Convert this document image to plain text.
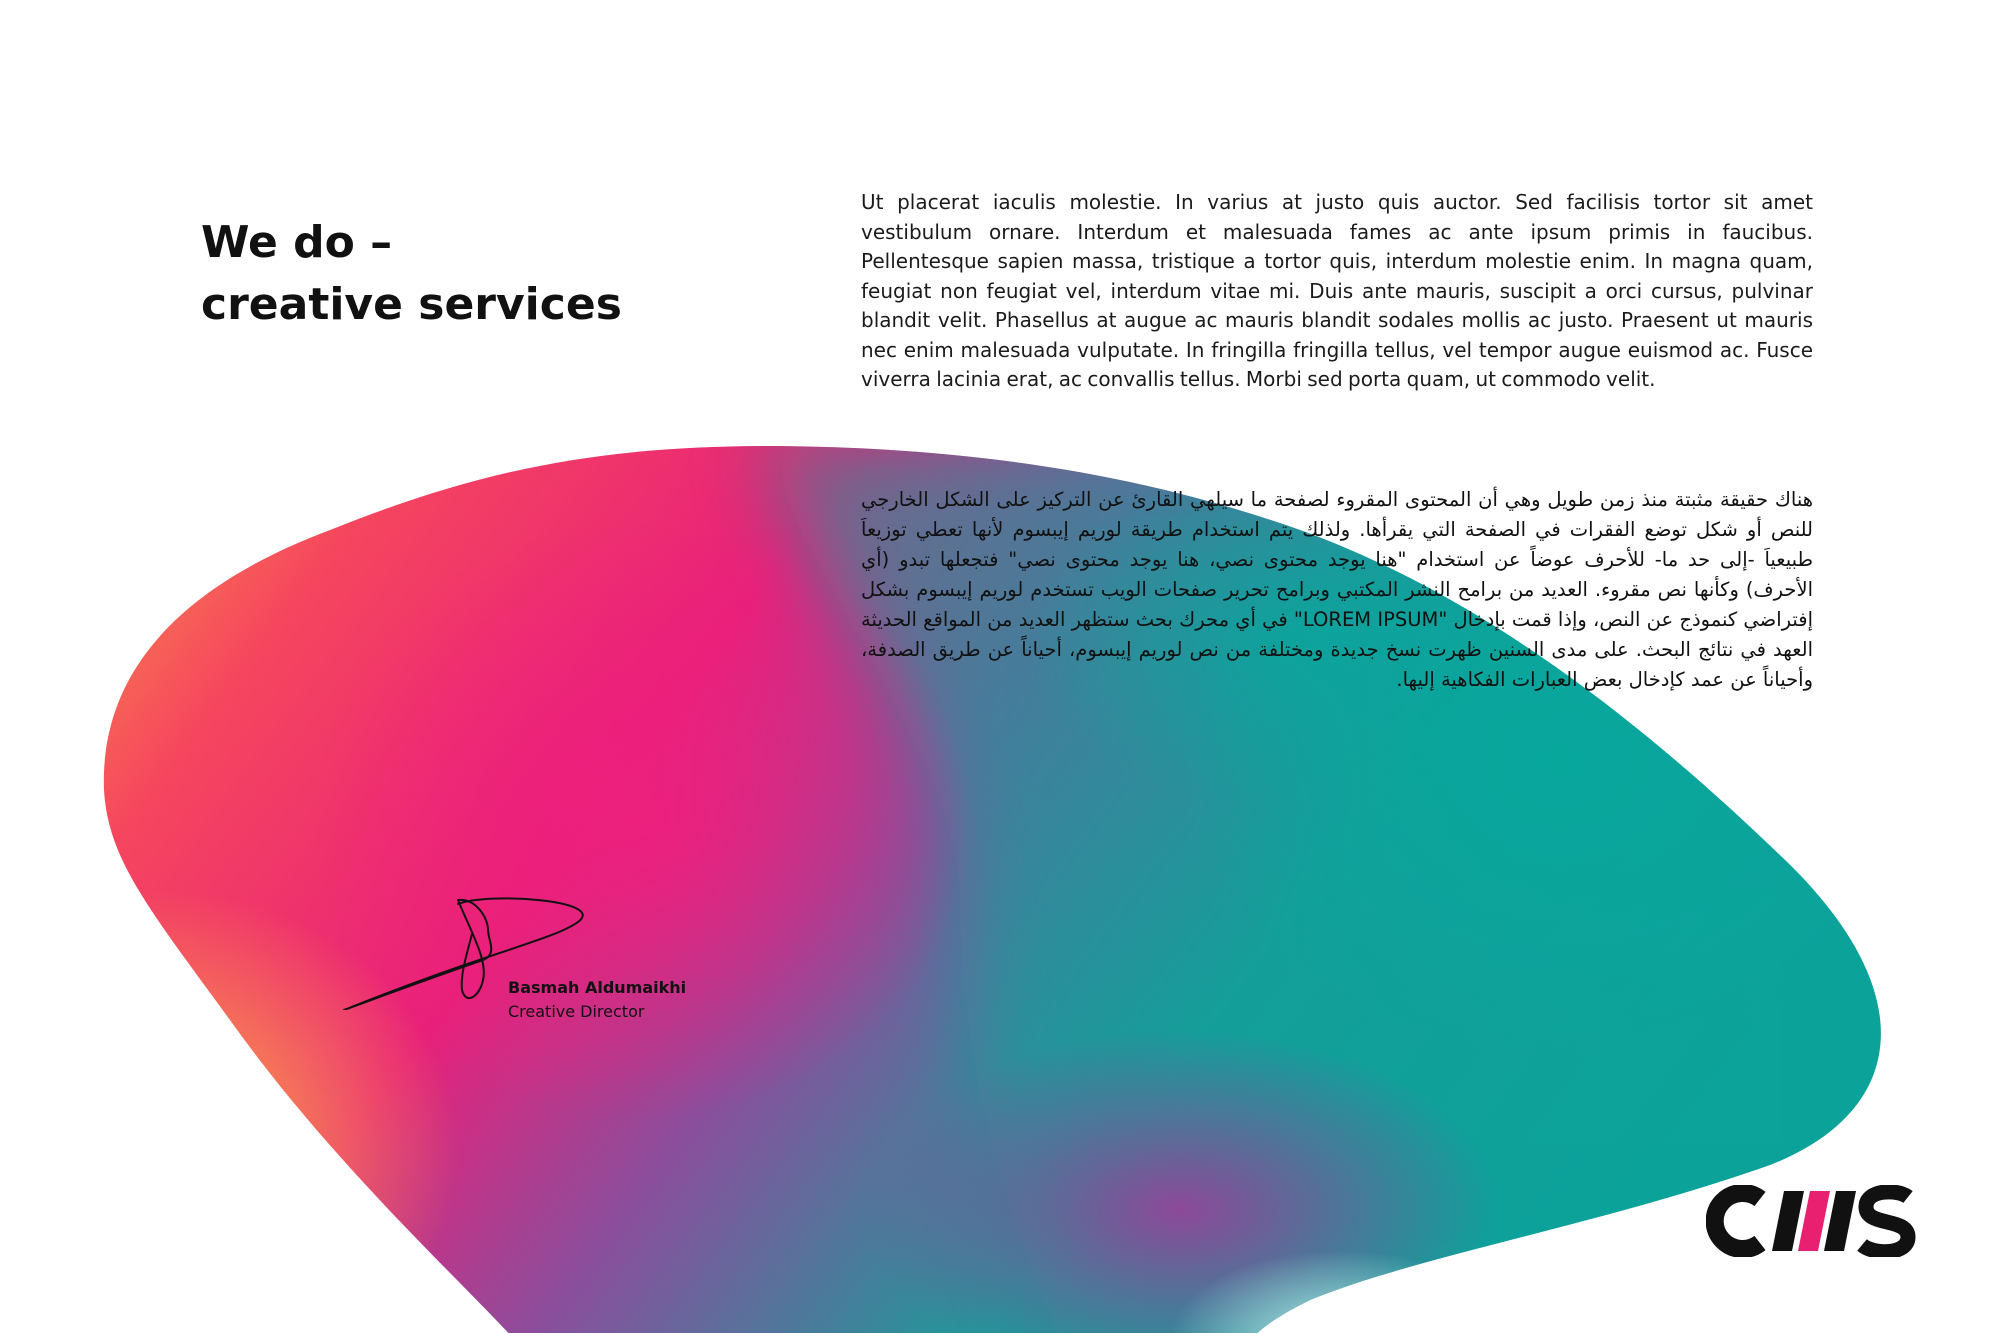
We do –
creative services

Ut placerat iaculis molestie. In varius at justo quis auctor. Sed facilisis tortor sit amet vestibulum ornare. Interdum et malesuada fames ac ante ipsum primis in faucibus. Pellentesque sapien massa, tristique a tortor quis, interdum molestie enim. In magna quam, feugiat non feugiat vel, interdum vitae mi. Duis ante mauris, suscipit a orci cursus, pulvinar blandit velit. Phasellus at augue ac mauris blandit sodales mollis ac justo. Praesent ut mauris nec enim malesuada vulputate. In fringilla fringilla tellus, vel tempor augue euismod ac. Fusce viverra lacinia erat, ac convallis tellus. Morbi sed porta quam, ut commodo velit.

هناك حقيقة مثبتة منذ زمن طويل وهي أن المحتوى المقروء لصفحة ما سيلهي القارئ عن التركيز على الشكل الخارجي للنص أو شكل توضع الفقرات في الصفحة التي يقرأها. ولذلك يتم استخدام طريقة لوريم إيبسوم لأنها تعطي توزيعاَ طبيعياَ -إلى حد ما- للأحرف عوضاً عن استخدام "هنا يوجد محتوى نصي، هنا يوجد محتوى نصي" فتجعلها تبدو (أي الأحرف) وكأنها نص مقروء. العديد من برامح النشر المكتبي وبرامح تحرير صفحات الويب تستخدم لوريم إيبسوم بشكل إفتراضي كنموذج عن النص، وإذا قمت بإدخال "LOREM IPSUM" في أي محرك بحث ستظهر العديد من المواقع الحديثة العهد في نتائج البحث. على مدى السنين ظهرت نسخ جديدة ومختلفة من نص لوريم إيبسوم، أحياناً عن طريق الصدفة، وأحياناً عن عمد كإدخال بعض العبارات الفكاهية إليها.

Basmah Aldumaikhi
Creative Director
